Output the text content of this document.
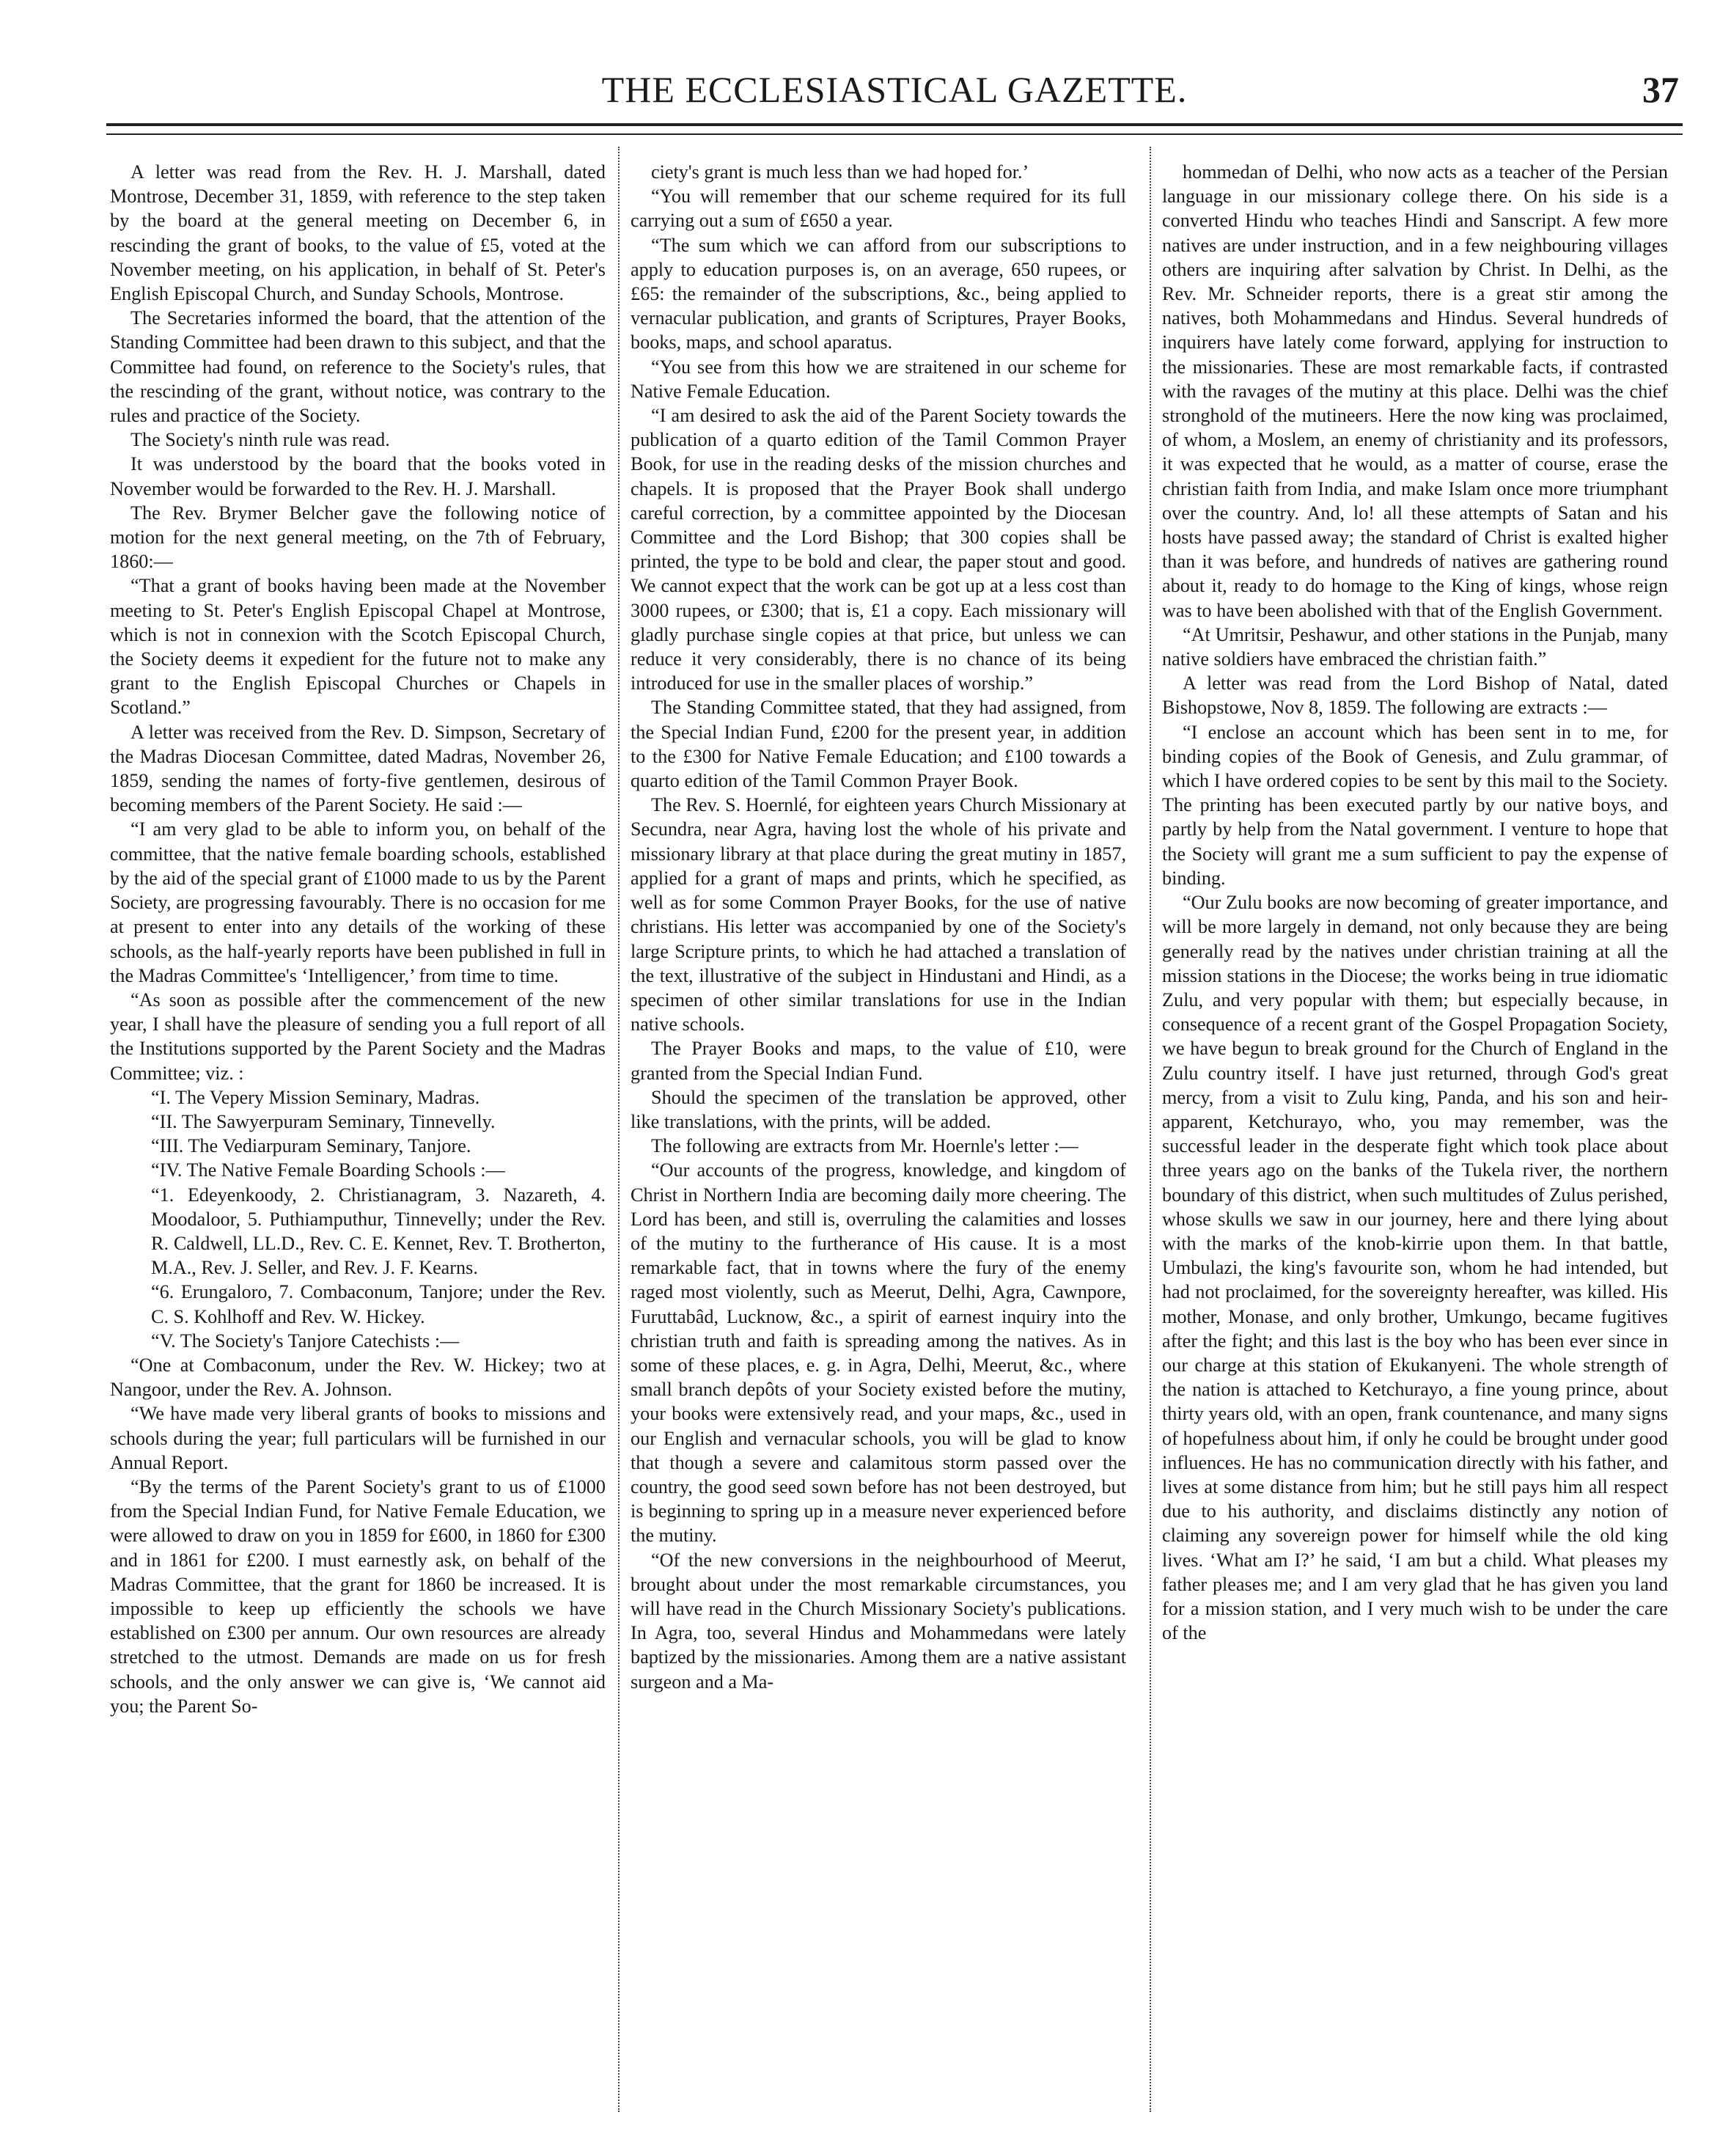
THE ECCLESIASTICAL GAZETTE.	37

A letter was read from the Rev. H. J. Marshall, dated Montrose, December 31, 1859, with reference to the step taken by the board at the general meeting on December 6, in rescinding the grant of books, to the value of £5, voted at the November meeting, on his application, in behalf of St. Peter's English Episcopal Church, and Sunday Schools, Montrose.

The Secretaries informed the board, that the attention of the Standing Committee had been drawn to this subject, and that the Committee had found, on reference to the Society's rules, that the rescinding of the grant, without notice, was contrary to the rules and practice of the Society.

The Society's ninth rule was read.

It was understood by the board that the books voted in November would be forwarded to the Rev. H. J. Marshall.

The Rev. Brymer Belcher gave the following notice of motion for the next general meeting, on the 7th of February, 1860:—

“That a grant of books having been made at the November meeting to St. Peter's English Episcopal Chapel at Montrose, which is not in connexion with the Scotch Episcopal Church, the Society deems it expedient for the future not to make any grant to the English Episcopal Churches or Chapels in Scotland.”

A letter was received from the Rev. D. Simpson, Secretary of the Madras Diocesan Committee, dated Madras, November 26, 1859, sending the names of forty-five gentlemen, desirous of becoming members of the Parent Society. He said :—

“I am very glad to be able to inform you, on behalf of the committee, that the native female boarding schools, established by the aid of the special grant of £1000 made to us by the Parent Society, are progressing favourably. There is no occasion for me at present to enter into any details of the working of these schools, as the half-yearly reports have been published in full in the Madras Committee's ‘Intelligencer,’ from time to time.

“As soon as possible after the commencement of the new year, I shall have the pleasure of sending you a full report of all the Institutions supported by the Parent Society and the Madras Committee; viz. :

“I. The Vepery Mission Seminary, Madras.

“II. The Sawyerpuram Seminary, Tinnevelly.

“III. The Vediarpuram Seminary, Tanjore.

“IV. The Native Female Boarding Schools :—

“1. Edeyenkoody, 2. Christianagram, 3. Nazareth, 4. Moodaloor, 5. Puthiamputhur, Tinnevelly; under the Rev. R. Caldwell, LL.D., Rev. C. E. Kennet, Rev. T. Brotherton, M.A., Rev. J. Seller, and Rev. J. F. Kearns.

“6. Erungaloro, 7. Combaconum, Tanjore; under the Rev. C. S. Kohlhoff and Rev. W. Hickey.

“V. The Society's Tanjore Catechists :—

“One at Combaconum, under the Rev. W. Hickey; two at Nangoor, under the Rev. A. Johnson.

“We have made very liberal grants of books to missions and schools during the year; full particulars will be furnished in our Annual Report.

“By the terms of the Parent Society's grant to us of £1000 from the Special Indian Fund, for Native Female Education, we were allowed to draw on you in 1859 for £600, in 1860 for £300 and in 1861 for £200. I must earnestly ask, on behalf of the Madras Committee, that the grant for 1860 be increased. It is impossible to keep up efficiently the schools we have established on £300 per annum. Our own resources are already stretched to the utmost. Demands are made on us for fresh schools, and the only answer we can give is, ‘We cannot aid you; the Parent So-

ciety's grant is much less than we had hoped for.’

“You will remember that our scheme required for its full carrying out a sum of £650 a year.

“The sum which we can afford from our subscriptions to apply to education purposes is, on an average, 650 rupees, or £65: the remainder of the subscriptions, &c., being applied to vernacular publication, and grants of Scriptures, Prayer Books, books, maps, and school aparatus.

“You see from this how we are straitened in our scheme for Native Female Education.

“I am desired to ask the aid of the Parent Society towards the publication of a quarto edition of the Tamil Common Prayer Book, for use in the reading desks of the mission churches and chapels. It is proposed that the Prayer Book shall undergo careful correction, by a committee appointed by the Diocesan Committee and the Lord Bishop; that 300 copies shall be printed, the type to be bold and clear, the paper stout and good. We cannot expect that the work can be got up at a less cost than 3000 rupees, or £300; that is, £1 a copy. Each missionary will gladly purchase single copies at that price, but unless we can reduce it very considerably, there is no chance of its being introduced for use in the smaller places of worship.”

The Standing Committee stated, that they had assigned, from the Special Indian Fund, £200 for the present year, in addition to the £300 for Native Female Education; and £100 towards a quarto edition of the Tamil Common Prayer Book.

The Rev. S. Hoernlé, for eighteen years Church Missionary at Secundra, near Agra, having lost the whole of his private and missionary library at that place during the great mutiny in 1857, applied for a grant of maps and prints, which he specified, as well as for some Common Prayer Books, for the use of native christians. His letter was accompanied by one of the Society's large Scripture prints, to which he had attached a translation of the text, illustrative of the subject in Hindustani and Hindi, as a specimen of other similar translations for use in the Indian native schools.

The Prayer Books and maps, to the value of £10, were granted from the Special Indian Fund.

Should the specimen of the translation be approved, other like translations, with the prints, will be added.

The following are extracts from Mr. Hoernle's letter :—

“Our accounts of the progress, knowledge, and kingdom of Christ in Northern India are becoming daily more cheering. The Lord has been, and still is, overruling the calamities and losses of the mutiny to the furtherance of His cause. It is a most remarkable fact, that in towns where the fury of the enemy raged most violently, such as Meerut, Delhi, Agra, Cawnpore, Furuttabâd, Lucknow, &c., a spirit of earnest inquiry into the christian truth and faith is spreading among the natives. As in some of these places, e. g. in Agra, Delhi, Meerut, &c., where small branch depôts of your Society existed before the mutiny, your books were extensively read, and your maps, &c., used in our English and vernacular schools, you will be glad to know that though a severe and calamitous storm passed over the country, the good seed sown before has not been destroyed, but is beginning to spring up in a measure never experienced before the mutiny.

“Of the new conversions in the neighbourhood of Meerut, brought about under the most remarkable circumstances, you will have read in the Church Missionary Society's publications. In Agra, too, several Hindus and Mohammedans were lately baptized by the missionaries. Among them are a native assistant surgeon and a Ma-

hommedan of Delhi, who now acts as a teacher of the Persian language in our missionary college there. On his side is a converted Hindu who teaches Hindi and Sanscript. A few more natives are under instruction, and in a few neighbouring villages others are inquiring after salvation by Christ. In Delhi, as the Rev. Mr. Schneider reports, there is a great stir among the natives, both Mohammedans and Hindus. Several hundreds of inquirers have lately come forward, applying for instruction to the missionaries. These are most remarkable facts, if contrasted with the ravages of the mutiny at this place. Delhi was the chief stronghold of the mutineers. Here the now king was proclaimed, of whom, a Moslem, an enemy of christianity and its professors, it was expected that he would, as a matter of course, erase the christian faith from India, and make Islam once more triumphant over the country. And, lo! all these attempts of Satan and his hosts have passed away; the standard of Christ is exalted higher than it was before, and hundreds of natives are gathering round about it, ready to do homage to the King of kings, whose reign was to have been abolished with that of the English Government.

“At Umritsir, Peshawur, and other stations in the Punjab, many native soldiers have embraced the christian faith.”

A letter was read from the Lord Bishop of Natal, dated Bishopstowe, Nov 8, 1859. The following are extracts :—

“I enclose an account which has been sent in to me, for binding copies of the Book of Genesis, and Zulu grammar, of which I have ordered copies to be sent by this mail to the Society. The printing has been executed partly by our native boys, and partly by help from the Natal government. I venture to hope that the Society will grant me a sum sufficient to pay the expense of binding.

“Our Zulu books are now becoming of greater importance, and will be more largely in demand, not only because they are being generally read by the natives under christian training at all the mission stations in the Diocese; the works being in true idiomatic Zulu, and very popular with them; but especially because, in consequence of a recent grant of the Gospel Propagation Society, we have begun to break ground for the Church of England in the Zulu country itself. I have just returned, through God's great mercy, from a visit to Zulu king, Panda, and his son and heir-apparent, Ketchurayo, who, you may remember, was the successful leader in the desperate fight which took place about three years ago on the banks of the Tukela river, the northern boundary of this district, when such multitudes of Zulus perished, whose skulls we saw in our journey, here and there lying about with the marks of the knob-kirrie upon them. In that battle, Umbulazi, the king's favourite son, whom he had intended, but had not proclaimed, for the sovereignty hereafter, was killed. His mother, Monase, and only brother, Umkungo, became fugitives after the fight; and this last is the boy who has been ever since in our charge at this station of Ekukanyeni. The whole strength of the nation is attached to Ketchurayo, a fine young prince, about thirty years old, with an open, frank countenance, and many signs of hopefulness about him, if only he could be brought under good influences. He has no communication directly with his father, and lives at some distance from him; but he still pays him all respect due to his authority, and disclaims distinctly any notion of claiming any sovereign power for himself while the old king lives. ‘What am I?’ he said, ‘I am but a child. What pleases my father pleases me; and I am very glad that he has given you land for a mission station, and I very much wish to be under the care of the
